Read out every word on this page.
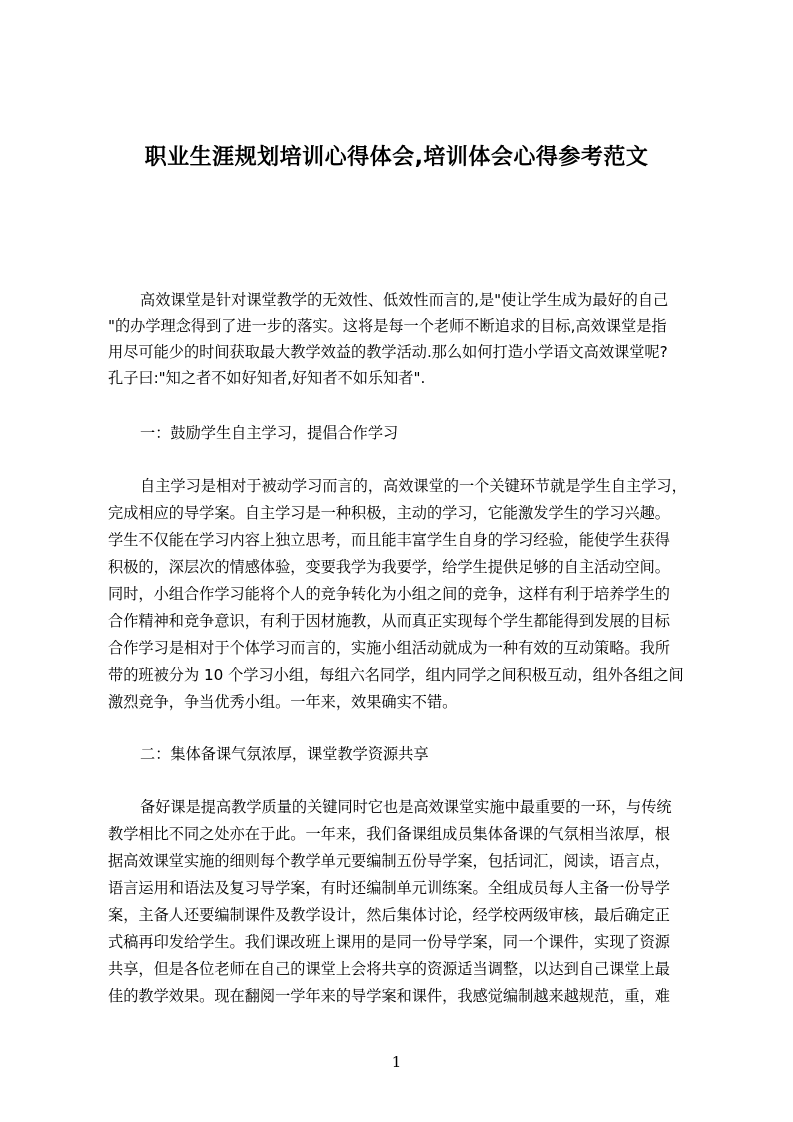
职业生涯规划培训心得体会,培训体会心得参考范文
高效课堂是针对课堂教学的无效性、低效性而言的,是"使让学生成为最好的自己
"的办学理念得到了进一步的落实。这将是每一个老师不断追求的目标,高效课堂是指
用尽可能少的时间获取最大教学效益的教学活动.那么如何打造小学语文高效课堂呢?
孔子曰:"知之者不如好知者,好知者不如乐知者".
一：鼓励学生自主学习，提倡合作学习
自主学习是相对于被动学习而言的，高效课堂的一个关键环节就是学生自主学习，
完成相应的导学案。自主学习是一种积极，主动的学习，它能激发学生的学习兴趣。
学生不仅能在学习内容上独立思考，而且能丰富学生自身的学习经验，能使学生获得
积极的，深层次的情感体验，变要我学为我要学，给学生提供足够的自主活动空间。
同时，小组合作学习能将个人的竞争转化为小组之间的竞争，这样有利于培养学生的
合作精神和竞争意识，有利于因材施教，从而真正实现每个学生都能得到发展的目标
合作学习是相对于个体学习而言的，实施小组活动就成为一种有效的互动策略。我所
带的班被分为 10 个学习小组，每组六名同学，组内同学之间积极互动，组外各组之间
激烈竞争，争当优秀小组。一年来，效果确实不错。
二：集体备课气氛浓厚，课堂教学资源共享
备好课是提高教学质量的关键同时它也是高效课堂实施中最重要的一环，与传统
教学相比不同之处亦在于此。一年来，我们备课组成员集体备课的气氛相当浓厚，根
据高效课堂实施的细则每个教学单元要编制五份导学案，包括词汇，阅读，语言点，
语言运用和语法及复习导学案，有时还编制单元训练案。全组成员每人主备一份导学
案，主备人还要编制课件及教学设计，然后集体讨论，经学校两级审核，最后确定正
式稿再印发给学生。我们课改班上课用的是同一份导学案，同一个课件，实现了资源
共享，但是各位老师在自己的课堂上会将共享的资源适当调整，以达到自己课堂上最
佳的教学效果。现在翻阅一学年来的导学案和课件，我感觉编制越来越规范，重，难
1
